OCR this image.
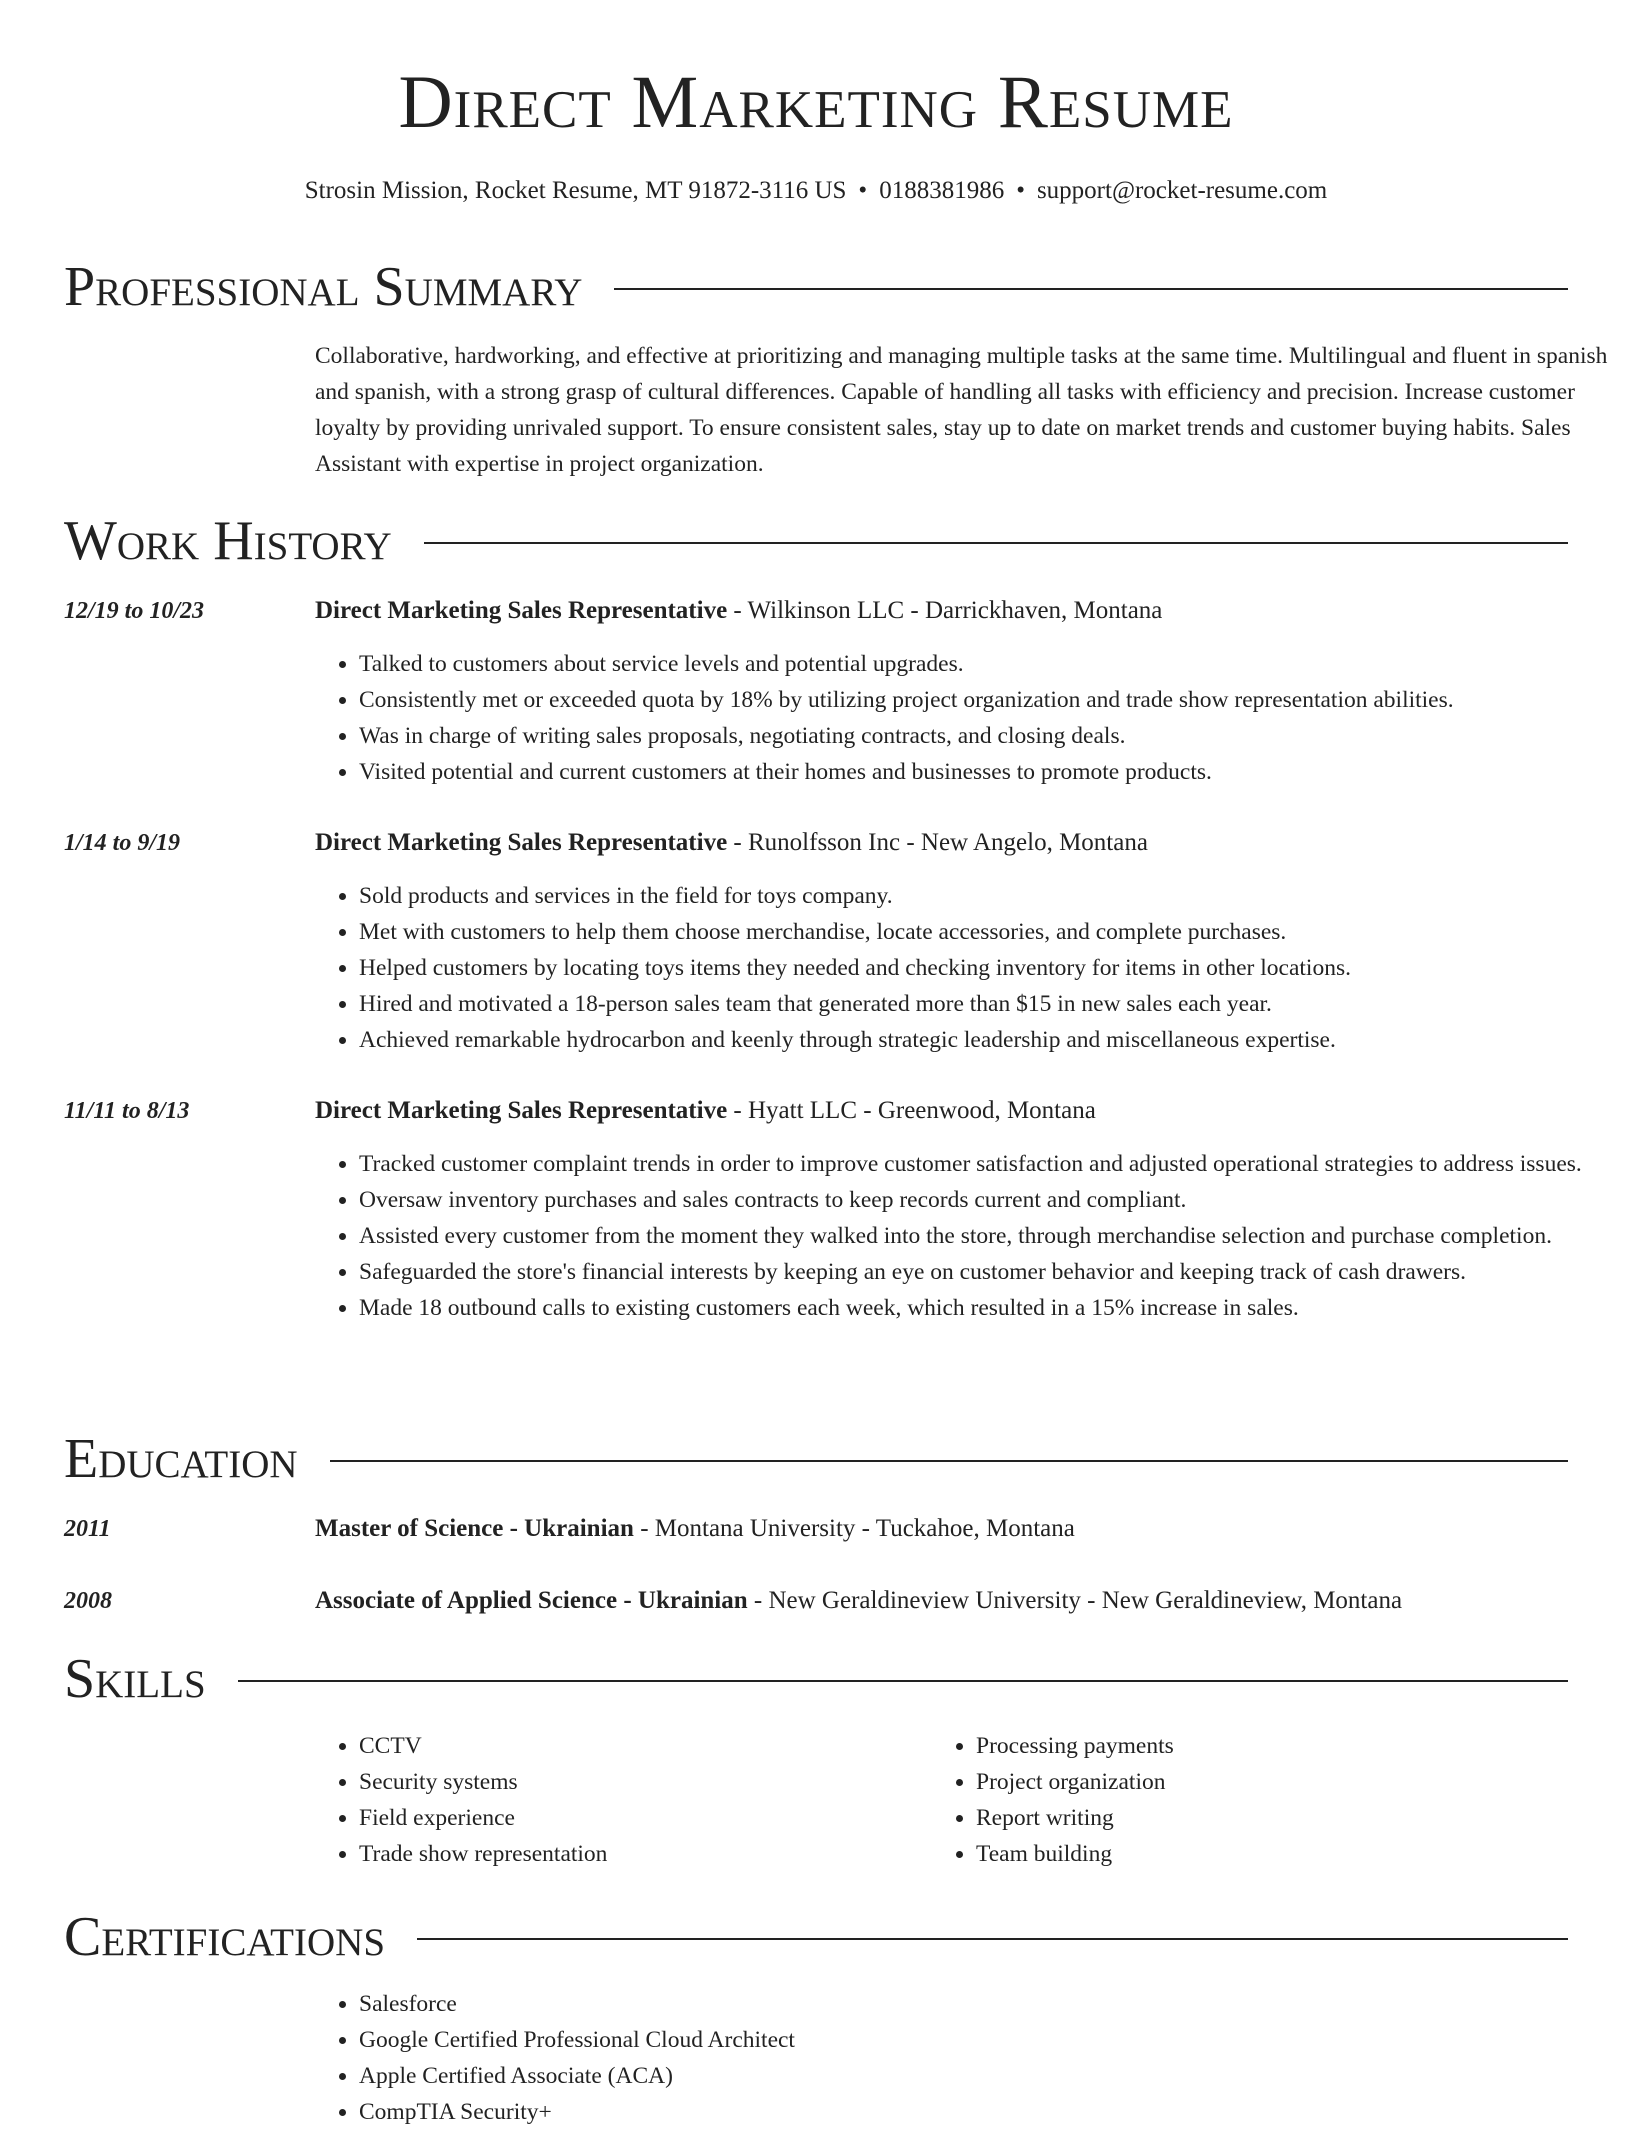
Direct Marketing Resume
Strosin Mission, Rocket Resume, MT 91872-3116 US • 0188381986 • support@rocket-resume.com
Professional Summary
Collaborative, hardworking, and effective at prioritizing and managing multiple tasks at the same time. Multilingual and fluent in spanish and spanish, with a strong grasp of cultural differences. Capable of handling all tasks with efficiency and precision. Increase customer loyalty by providing unrivaled support. To ensure consistent sales, stay up to date on market trends and customer buying habits. Sales Assistant with expertise in project organization.
Work History
12/19 to 10/23	Direct Marketing Sales Representative - Wilkinson LLC - Darrickhaven, Montana
• Talked to customers about service levels and potential upgrades.
• Consistently met or exceeded quota by 18% by utilizing project organization and trade show representation abilities.
• Was in charge of writing sales proposals, negotiating contracts, and closing deals.
• Visited potential and current customers at their homes and businesses to promote products.
1/14 to 9/19	Direct Marketing Sales Representative - Runolfsson Inc - New Angelo, Montana
• Sold products and services in the field for toys company.
• Met with customers to help them choose merchandise, locate accessories, and complete purchases.
• Helped customers by locating toys items they needed and checking inventory for items in other locations.
• Hired and motivated a 18-person sales team that generated more than $15 in new sales each year.
• Achieved remarkable hydrocarbon and keenly through strategic leadership and miscellaneous expertise.
11/11 to 8/13	Direct Marketing Sales Representative - Hyatt LLC - Greenwood, Montana
• Tracked customer complaint trends in order to improve customer satisfaction and adjusted operational strategies to address issues.
• Oversaw inventory purchases and sales contracts to keep records current and compliant.
• Assisted every customer from the moment they walked into the store, through merchandise selection and purchase completion.
• Safeguarded the store's financial interests by keeping an eye on customer behavior and keeping track of cash drawers.
• Made 18 outbound calls to existing customers each week, which resulted in a 15% increase in sales.
Education
2011	Master of Science - Ukrainian - Montana University - Tuckahoe, Montana
2008	Associate of Applied Science - Ukrainian - New Geraldineview University - New Geraldineview, Montana
Skills
• CCTV
• Security systems
• Field experience
• Trade show representation
• Processing payments
• Project organization
• Report writing
• Team building
Certifications
• Salesforce
• Google Certified Professional Cloud Architect
• Apple Certified Associate (ACA)
• CompTIA Security+
